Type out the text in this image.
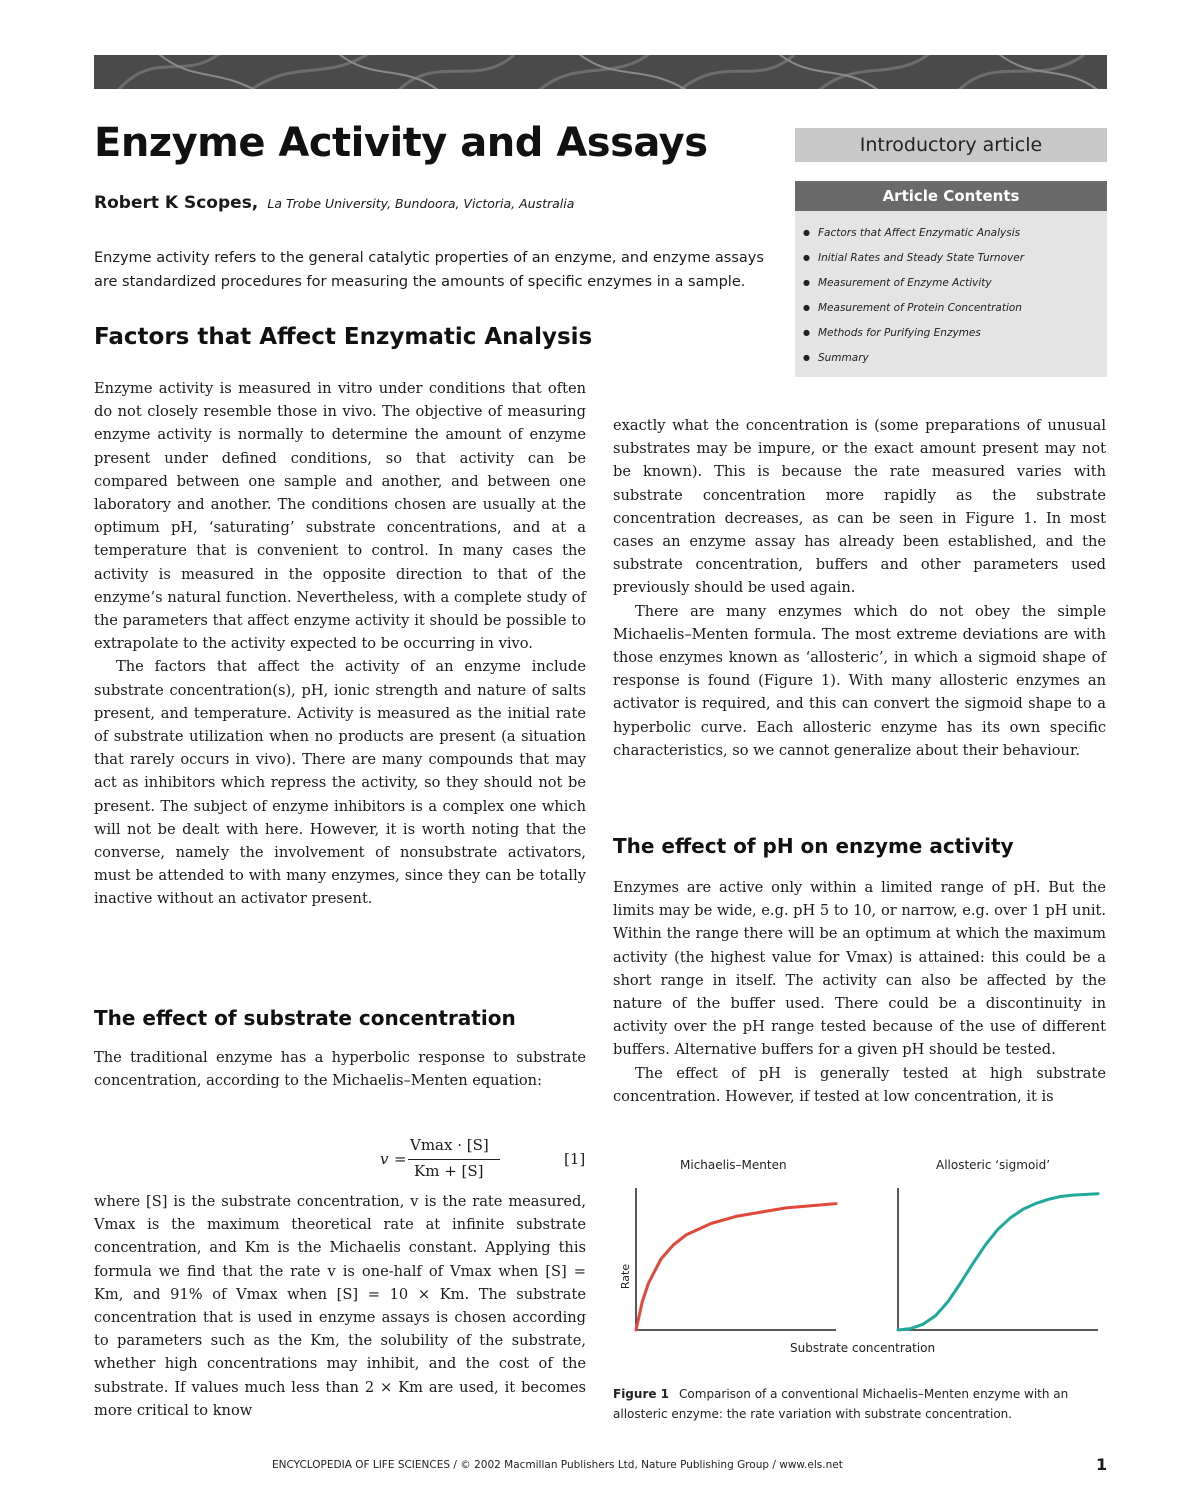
Enzyme Activity and Assays
Robert K Scopes, La Trobe University, Bundoora, Victoria, Australia

Enzyme activity refers to the general catalytic properties of an enzyme, and enzyme assays are standardized procedures for measuring the amounts of specific enzymes in a sample.

Introductory article
Article Contents
● Factors that Affect Enzymatic Analysis
● Initial Rates and Steady State Turnover
● Measurement of Enzyme Activity
● Measurement of Protein Concentration
● Methods for Purifying Enzymes
● Summary
Factors that Affect Enzymatic Analysis

Enzyme activity is measured in vitro under conditions that often do not closely resemble those in vivo. The objective of measuring enzyme activity is normally to determine the amount of enzyme present under defined conditions, so that activity can be compared between one sample and another, and between one laboratory and another. The conditions chosen are usually at the optimum pH, ‘saturating’ substrate concentrations, and at a temperature that is convenient to control. In many cases the activity is measured in the opposite direction to that of the enzyme’s natural function. Nevertheless, with a complete study of the parameters that affect enzyme activity it should be possible to extrapolate to the activity expected to be occurring in vivo.

The factors that affect the activity of an enzyme include substrate concentration(s), pH, ionic strength and nature of salts present, and temperature. Activity is measured as the initial rate of substrate utilization when no products are present (a situation that rarely occurs in vivo). There are many compounds that may act as inhibitors which repress the activity, so they should not be present. The subject of enzyme inhibitors is a complex one which will not be dealt with here. However, it is worth noting that the converse, namely the involvement of nonsubstrate activators, must be attended to with many enzymes, since they can be totally inactive without an activator present.

The effect of substrate concentration

The traditional enzyme has a hyperbolic response to substrate concentration, according to the Michaelis–Menten equation:

v =
Vmax · [S]
Km + [S]
[1]

where [S] is the substrate concentration, v is the rate measured, Vmax is the maximum theoretical rate at infinite substrate concentration, and Km is the Michaelis constant. Applying this formula we find that the rate v is one-half of Vmax when [S] = Km, and 91% of Vmax when [S] = 10 × Km. The substrate concentration that is used in enzyme assays is chosen according to parameters such as the Km, the solubility of the substrate, whether high concentrations may inhibit, and the cost of the substrate. If values much less than 2 × Km are used, it becomes more critical to know

exactly what the concentration is (some preparations of unusual substrates may be impure, or the exact amount present may not be known). This is because the rate measured varies with substrate concentration more rapidly as the substrate concentration decreases, as can be seen in Figure 1. In most cases an enzyme assay has already been established, and the substrate concentration, buffers and other parameters used previously should be used again.

There are many enzymes which do not obey the simple Michaelis–Menten formula. The most extreme deviations are with those enzymes known as ‘allosteric’, in which a sigmoid shape of response is found (Figure 1). With many allosteric enzymes an activator is required, and this can convert the sigmoid shape to a hyperbolic curve. Each allosteric enzyme has its own specific characteristics, so we cannot generalize about their behaviour.

The effect of pH on enzyme activity

Enzymes are active only within a limited range of pH. But the limits may be wide, e.g. pH 5 to 10, or narrow, e.g. over 1 pH unit. Within the range there will be an optimum at which the maximum activity (the highest value for Vmax) is attained: this could be a short range in itself. The activity can also be affected by the nature of the buffer used. There could be a discontinuity in activity over the pH range tested because of the use of different buffers. Alternative buffers for a given pH should be tested.

The effect of pH is generally tested at high substrate concentration. However, if tested at low concentration, it is

Michaelis–Menten	Allosteric ‘sigmoid’
Rate
Substrate concentration

Figure 1 Comparison of a conventional Michaelis–Menten enzyme with an allosteric enzyme: the rate variation with substrate concentration.

ENCYCLOPEDIA OF LIFE SCIENCES / © 2002 Macmillan Publishers Ltd, Nature Publishing Group / www.els.net	1
